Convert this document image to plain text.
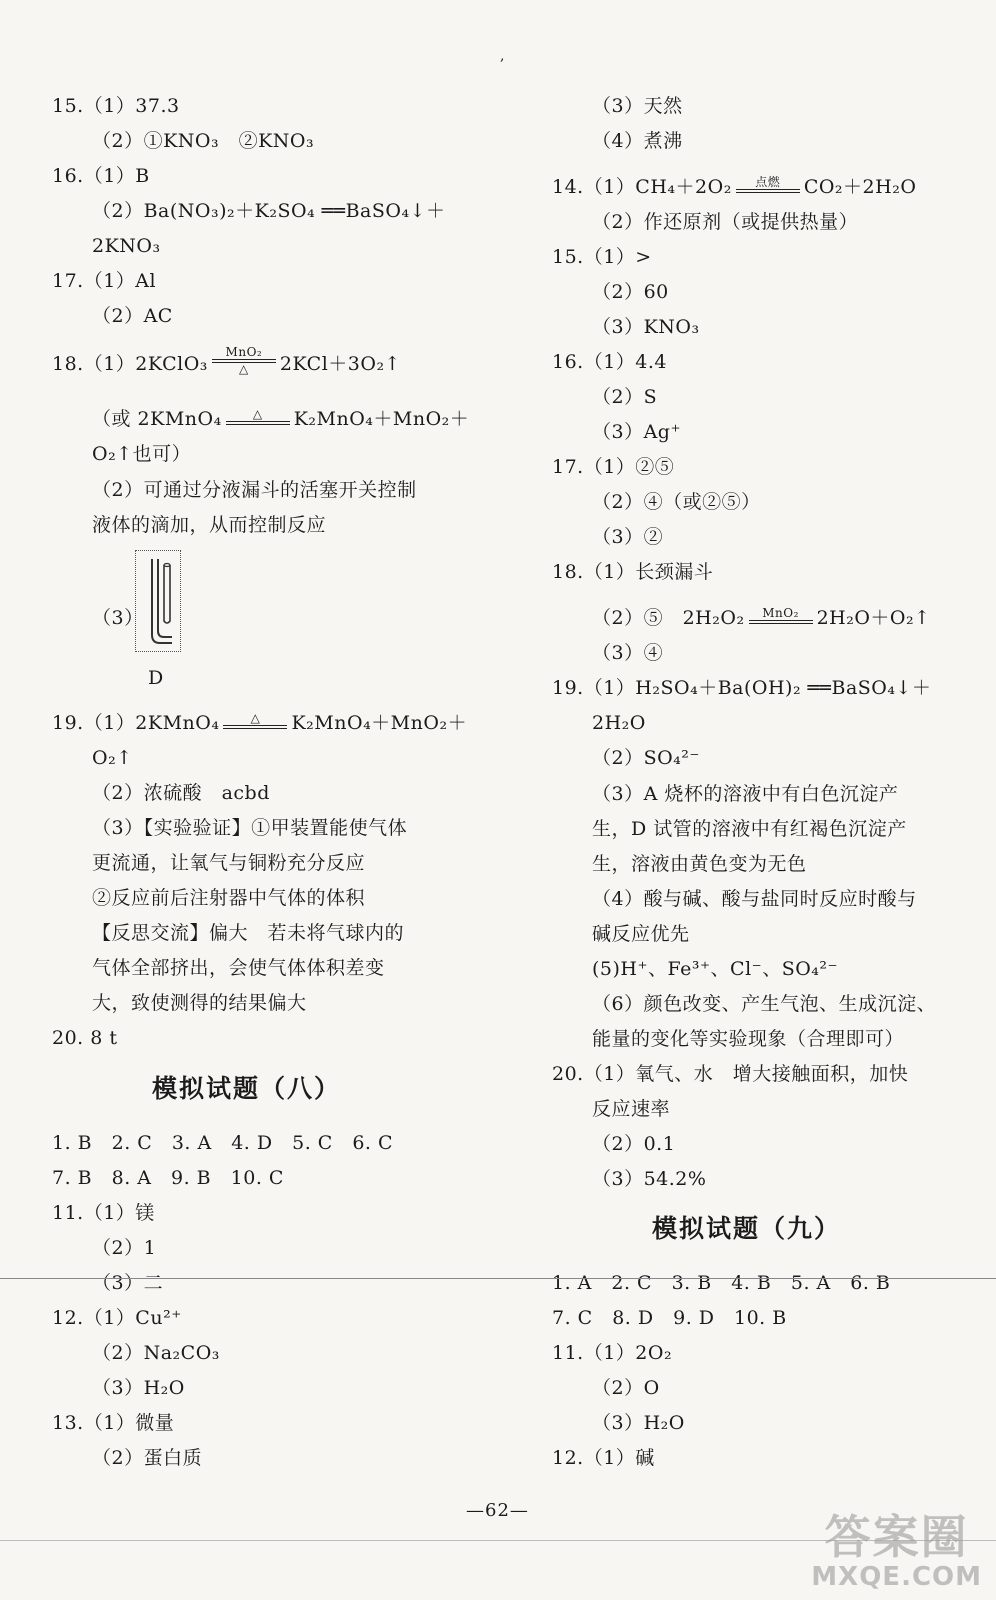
15.（1）37.3
（2）①KNO₃　②KNO₃
16.（1）B
（2）Ba(NO₃)₂＋K₂SO₄ ══BaSO₄↓＋
2KNO₃
17.（1）Al
（2）AC
18.（1）2KClO₃ $\frac{\text{MnO₂}}{\triangle}$ 2KCl＋3O₂↑
（或 2KMnO₄	△	K₂MnO₄＋MnO₂＋
O₂↑也可）
（2）可通过分液漏斗的活塞开关控制
液体的滴加，从而控制反应
（3）
D
19.（1）2KMnO₄	△	K₂MnO₄＋MnO₂＋
O₂↑
（2）浓硫酸　acbd
（3）【实验验证】①甲装置能使气体
更流通，让氧气与铜粉充分反应
②反应前后注射器中气体的体积
【反思交流】偏大　若未将气球内的
气体全部挤出，会使气体体积差变
大，致使测得的结果偏大
20. 8 t
模拟试题（八）
1. B　2. C　3. A　4. D　5. C　6. C
7. B　8. A　9. B　10. C
11.（1）镁
（2）1
（3）二
12.（1）Cu²⁺
（2）Na₂CO₃
（3）H₂O
13.（1）微量
（2）蛋白质
（3）天然
（4）煮沸
14.（1）CH₄＋2O₂	点燃	CO₂＋2H₂O
（2）作还原剂（或提供热量）
15.（1）>
（2）60
（3）KNO₃
16.（1）4.4
（2）S
（3）Ag⁺
17.（1）②⑤
（2）④（或②⑤）
（3）②
18.（1）长颈漏斗
（2）⑤　2H₂O₂	MnO₂ 2H₂O＋O₂↑
（3）④
19.（1）H₂SO₄＋Ba(OH)₂ ══BaSO₄↓＋
2H₂O
（2）SO₄²⁻
（3）A 烧杯的溶液中有白色沉淀产
生，D 试管的溶液中有红褐色沉淀产
生，溶液由黄色变为无色
（4）酸与碱、酸与盐同时反应时酸与
碱反应优先
(5)H⁺、Fe³⁺、Cl⁻、SO₄²⁻
（6）颜色改变、产生气泡、生成沉淀、
能量的变化等实验现象（合理即可）
20.（1）氧气、水　增大接触面积，加快
反应速率
（2）0.1
（3）54.2%
模拟试题（九）
1. A　2. C　3. B　4. B　5. A　6. B
7. C　8. D　9. D　10. B
11.（1）2O₂
（2）O
（3）H₂O
12.（1）碱
,
—62—	答案圈
MXQE.COM
